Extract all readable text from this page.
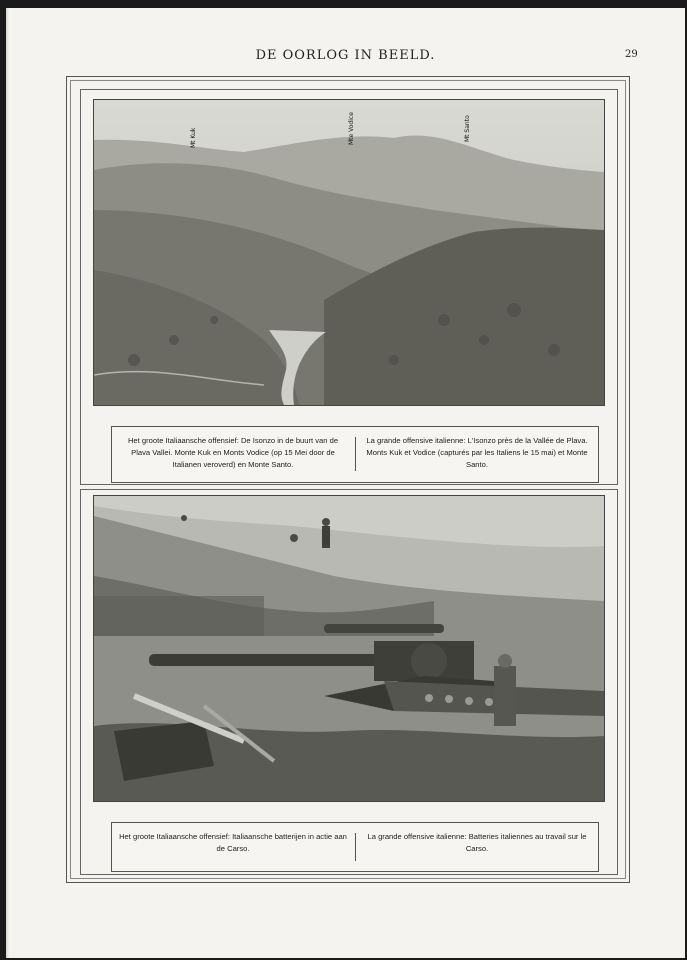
DE OORLOG IN BEELD.	29
Mt Kuk	Mte Vodice	Mt Santo
Het groote Italiaansche offensief: De Isonzo in de buurt van de Plava Vallei. Monte Kuk en Monts Vodice (op 15 Mei door de Italianen veroverd) en Monte Santo.
La grande offensive italienne: L'Isonzo près de la Vallée de Plava. Monts Kuk et Vodice (capturés par les Italiens le 15 mai) et Monte Santo.
Het groote Italiaansche offensief: Italiaansche batterijen in actie aan de Carso.
La grande offensive italienne: Batteries italiennes au travail sur le Carso.
